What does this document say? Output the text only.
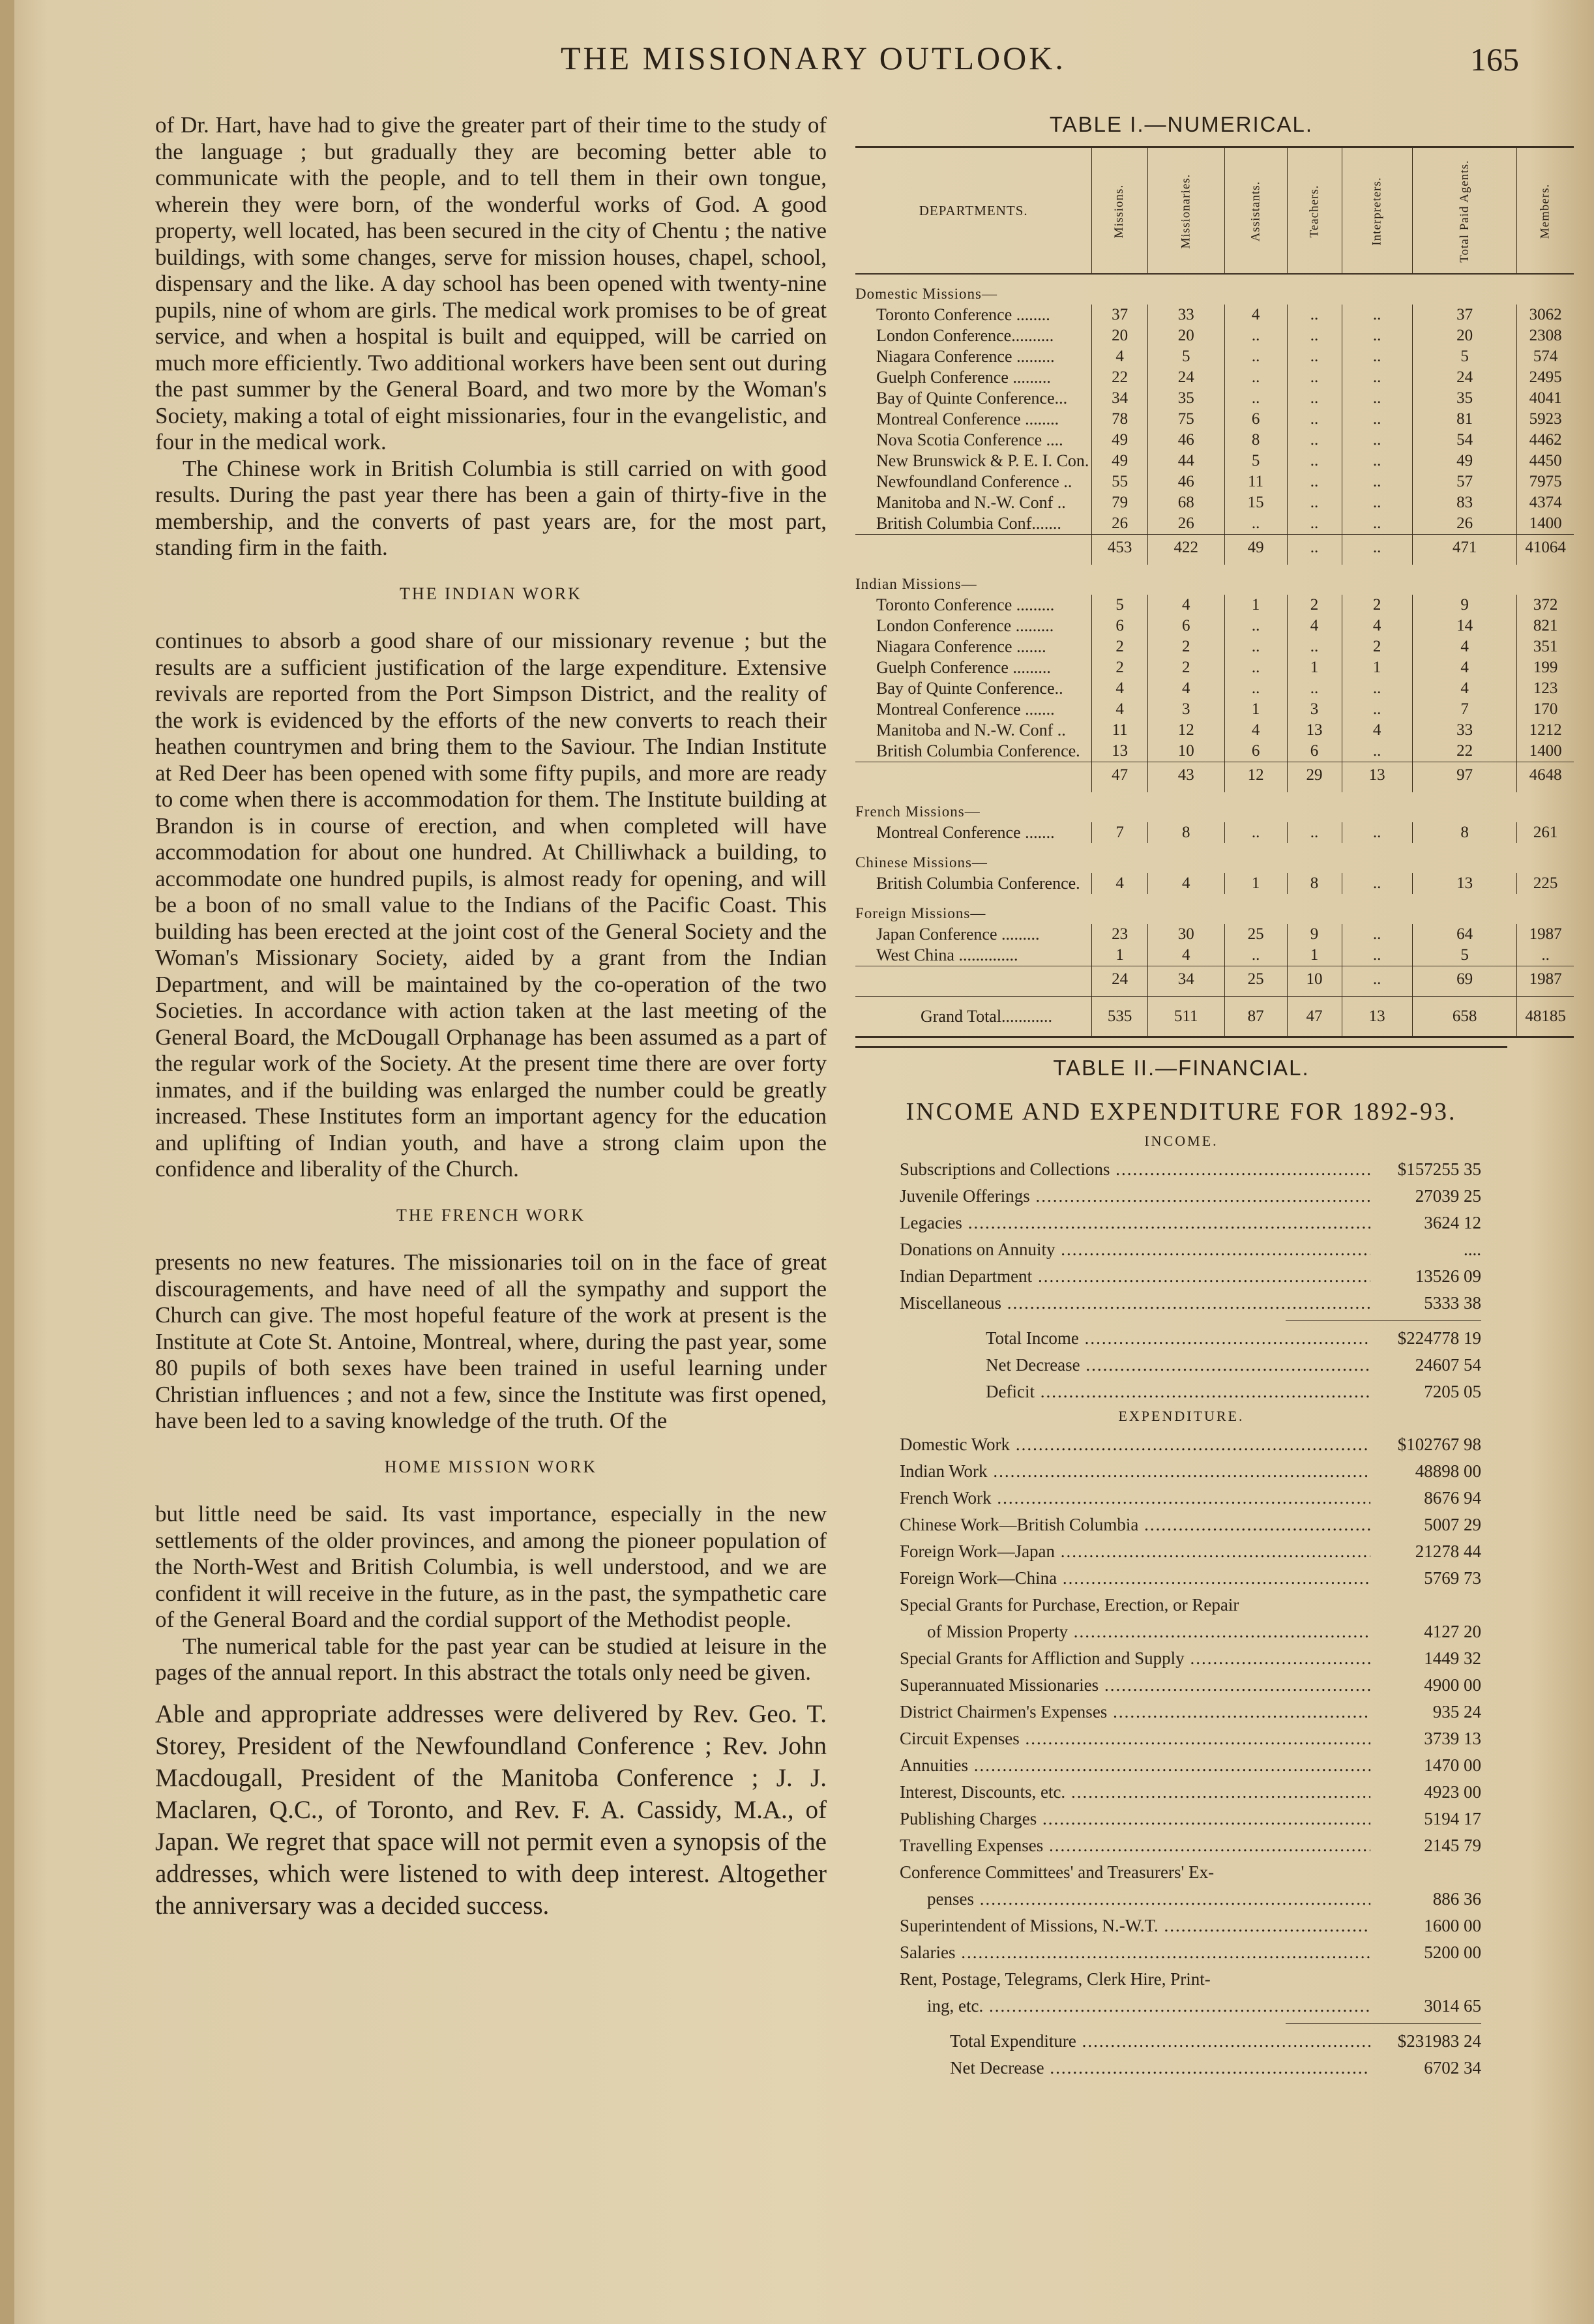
THE MISSIONARY OUTLOOK.	165

of Dr. Hart, have had to give the greater part of their time to the study of the language ; but gradually they are becoming better able to communicate with the people, and to tell them in their own tongue, wherein they were born, of the wonderful works of God. A good property, well located, has been secured in the city of Chentu ; the native buildings, with some changes, serve for mission houses, chapel, school, dispensary and the like. A day school has been opened with twenty-nine pupils, nine of whom are girls. The medical work promises to be of great service, and when a hospital is built and equipped, will be carried on much more efficiently. Two additional workers have been sent out during the past summer by the General Board, and two more by the Woman's Society, making a total of eight missionaries, four in the evangelistic, and four in the medical work.

The Chinese work in British Columbia is still carried on with good results. During the past year there has been a gain of thirty-five in the membership, and the converts of past years are, for the most part, standing firm in the faith.

THE INDIAN WORK

continues to absorb a good share of our missionary revenue ; but the results are a sufficient justification of the large expenditure. Extensive revivals are reported from the Port Simpson District, and the reality of the work is evidenced by the efforts of the new converts to reach their heathen countrymen and bring them to the Saviour. The Indian Institute at Red Deer has been opened with some fifty pupils, and more are ready to come when there is accommodation for them. The Institute building at Brandon is in course of erection, and when completed will have accommodation for about one hundred. At Chilliwhack a building, to accommodate one hundred pupils, is almost ready for opening, and will be a boon of no small value to the Indians of the Pacific Coast. This building has been erected at the joint cost of the General Society and the Woman's Missionary Society, aided by a grant from the Indian Department, and will be maintained by the co-operation of the two Societies. In accordance with action taken at the last meeting of the General Board, the McDougall Orphanage has been assumed as a part of the regular work of the Society. At the present time there are over forty inmates, and if the building was enlarged the number could be greatly increased. These Institutes form an important agency for the education and uplifting of Indian youth, and have a strong claim upon the confidence and liberality of the Church.

THE FRENCH WORK

presents no new features. The missionaries toil on in the face of great discouragements, and have need of all the sympathy and support the Church can give. The most hopeful feature of the work at present is the Institute at Cote St. Antoine, Montreal, where, during the past year, some 80 pupils of both sexes have been trained in useful learning under Christian influences ; and not a few, since the Institute was first opened, have been led to a saving knowledge of the truth. Of the

HOME MISSION WORK

but little need be said. Its vast importance, especially in the new settlements of the older provinces, and among the pioneer population of the North-West and British Columbia, is well understood, and we are confident it will receive in the future, as in the past, the sympathetic care of the General Board and the cordial support of the Methodist people.

The numerical table for the past year can be studied at leisure in the pages of the annual report. In this abstract the totals only need be given.

Able and appropriate addresses were delivered by Rev. Geo. T. Storey, President of the Newfoundland Conference ; Rev. John Macdougall, President of the Manitoba Conference ; J. J. Maclaren, Q.C., of Toronto, and Rev. F. A. Cassidy, M.A., of Japan. We regret that space will not permit even a synopsis of the addresses, which were listened to with deep interest. Altogether the anniversary was a decided success.

TABLE I.—NUMERICAL.
DEPARTMENTS.	Missions.	Missionaries.	Assistants.	Teachers.	Interpreters.	Total Paid Agents.	Members.
Domestic Missions—							
Toronto Conference ........	37	33	4	..	..	37	3062
London Conference..........	20	20	..	..	..	20	2308
Niagara Conference .........	4	5	..	..	..	5	574
Guelph Conference .........	22	24	..	..	..	24	2495
Bay of Quinte Conference...	34	35	..	..	..	35	4041
Montreal Conference ........	78	75	6	..	..	81	5923
Nova Scotia Conference ....	49	46	8	..	..	54	4462
New Brunswick & P. E. I. Con.	49	44	5	..	..	49	4450
Newfoundland Conference ..	55	46	11	..	..	57	7975
Manitoba and N.-W. Conf ..	79	68	15	..	..	83	4374
British Columbia Conf.......	26	26	..	..	..	26	1400
	453	422	49	..	..	471	41064
Indian Missions—							
Toronto Conference .........	5	4	1	2	2	9	372
London Conference .........	6	6	..	4	4	14	821
Niagara Conference .......	2	2	..	..	2	4	351
Guelph Conference .........	2	2	..	1	1	4	199
Bay of Quinte Conference..	4	4	..	..	..	4	123
Montreal Conference .......	4	3	1	3	..	7	170
Manitoba and N.-W. Conf ..	11	12	4	13	4	33	1212
British Columbia Conference.	13	10	6	6	..	22	1400
	47	43	12	29	13	97	4648
French Missions—							
Montreal Conference .......	7	8	..	..	..	8	261
Chinese Missions—							
British Columbia Conference.	4	4	1	8	..	13	225
Foreign Missions—							
Japan Conference .........	23	30	25	9	..	64	1987
West China ..............	1	4	..	1	..	5	..
	24	34	25	10	..	69	1987
Grand Total............	535	511	87	47	13	658	48185
TABLE II.—FINANCIAL.
INCOME AND EXPENDITURE FOR 1892-93.
INCOME.
Subscriptions and Collections .....	$157255 35
Juvenile Offerings .....	27039 25
Legacies .....	3624 12
Donations on Annuity .....	....
Indian Department .....	13526 09
Miscellaneous .....	5333 38
Total Income .....	$224778 19
Net Decrease .....	24607 54
Deficit .....	7205 05
EXPENDITURE.
Domestic Work .....	$102767 98
Indian Work .....	48898 00
French Work .....	8676 94
Chinese Work—British Columbia .....	5007 29
Foreign Work—Japan .....	21278 44
Foreign Work—China .....	5769 73
Special Grants for Purchase, Erection, or Repair
of Mission Property .....	4127 20
Special Grants for Affliction and Supply .....	1449 32
Superannuated Missionaries .....	4900 00
District Chairmen's Expenses .....	935 24
Circuit Expenses .....	3739 13
Annuities .....	1470 00
Interest, Discounts, etc. .....	4923 00
Publishing Charges .....	5194 17
Travelling Expenses .....	2145 79
Conference Committees' and Treasurers' Ex-
penses .....	886 36
Superintendent of Missions, N.-W.T. .....	1600 00
Salaries .....	5200 00
Rent, Postage, Telegrams, Clerk Hire, Print-
ing, etc. .....	3014 65
Total Expenditure .....	$231983 24
Net Decrease .....	6702 34
